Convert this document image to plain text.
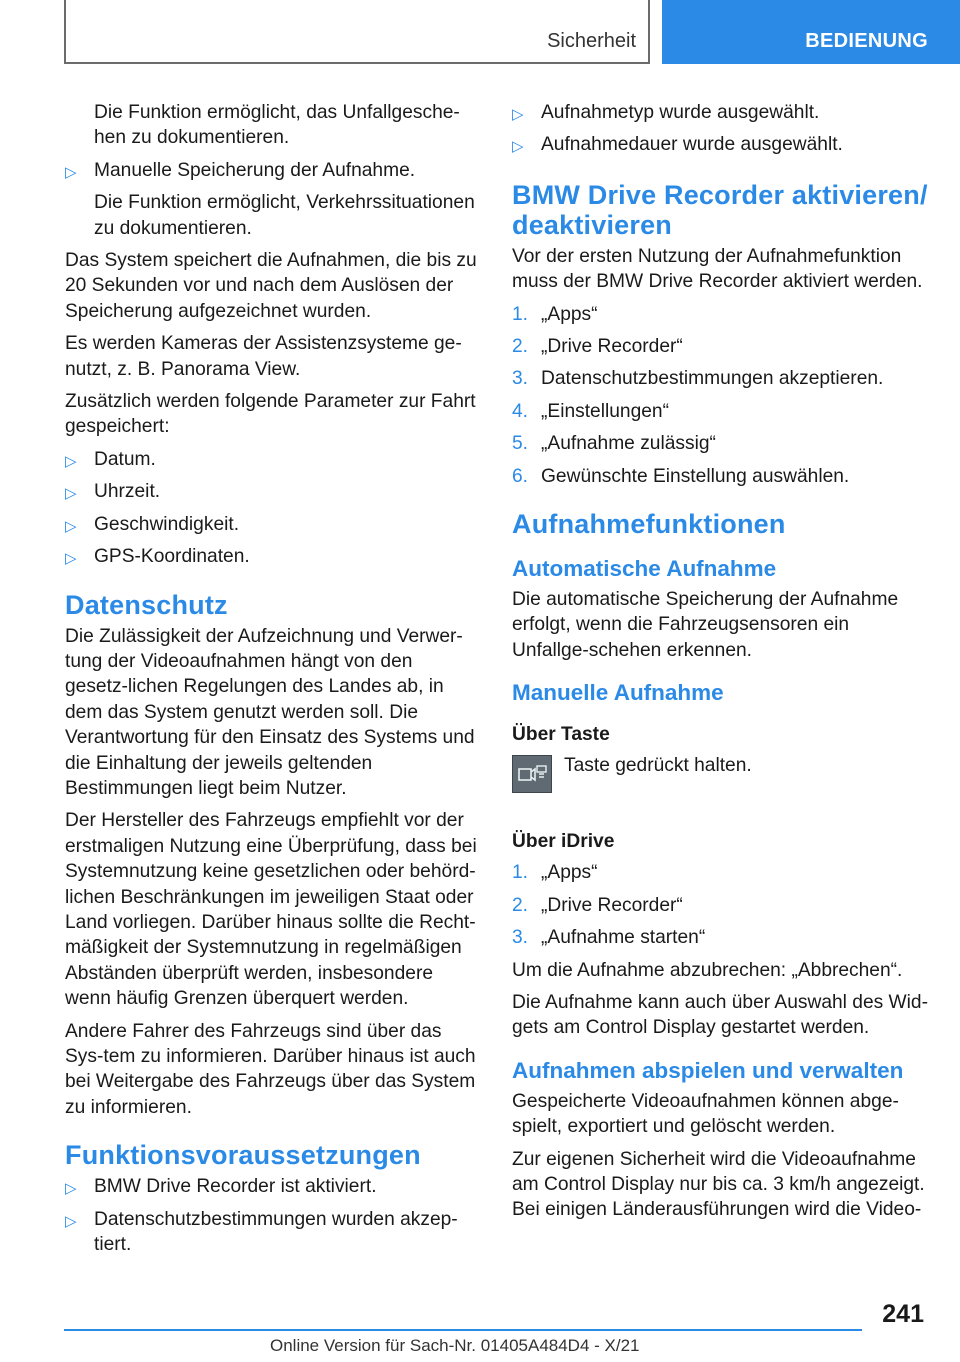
Sicherheit	BEDIENUNG

Die Funktion ermöglicht, das Unfallgesche-hen zu dokumentieren.

▷ Manuelle Speicherung der Aufnahme.

Die Funktion ermöglicht, Verkehrssituationen zu dokumentieren.

Das System speichert die Aufnahmen, die bis zu 20 Sekunden vor und nach dem Auslösen der Speicherung aufgezeichnet wurden.

Es werden Kameras der Assistenzsysteme ge-nutzt, z. B. Panorama View.

Zusätzlich werden folgende Parameter zur Fahrt gespeichert:

▷ Datum.
▷ Uhrzeit.
▷ Geschwindigkeit.
▷ GPS-Koordinaten.
Datenschutz

Die Zulässigkeit der Aufzeichnung und Verwer-tung der Videoaufnahmen hängt von den gesetz-lichen Regelungen des Landes ab, in dem das System genutzt werden soll. Die Verantwortung für den Einsatz des Systems und die Einhaltung der jeweils geltenden Bestimmungen liegt beim Nutzer.

Der Hersteller des Fahrzeugs empfiehlt vor der erstmaligen Nutzung eine Überprüfung, dass bei Systemnutzung keine gesetzlichen oder behörd-lichen Beschränkungen im jeweiligen Staat oder Land vorliegen. Darüber hinaus sollte die Recht-mäßigkeit der Systemnutzung in regelmäßigen Abständen überprüft werden, insbesondere wenn häufig Grenzen überquert werden.

Andere Fahrer des Fahrzeugs sind über das Sys-tem zu informieren. Darüber hinaus ist auch bei Weitergabe des Fahrzeugs über das System zu informieren.

Funktionsvoraussetzungen
▷ BMW Drive Recorder ist aktiviert.
▷ Datenschutzbestimmungen wurden akzep-tiert.
▷ Aufnahmetyp wurde ausgewählt.
▷ Aufnahmedauer wurde ausgewählt.
BMW Drive Recorder aktivieren/ deaktivieren

Vor der ersten Nutzung der Aufnahmefunktion muss der BMW Drive Recorder aktiviert werden.

1. „Apps“
2. „Drive Recorder“
3. Datenschutzbestimmungen akzeptieren.
4. „Einstellungen“
5. „Aufnahme zulässig“
6. Gewünschte Einstellung auswählen.
Aufnahmefunktionen
Automatische Aufnahme

Die automatische Speicherung der Aufnahme erfolgt, wenn die Fahrzeugsensoren ein Unfallge-schehen erkennen.

Manuelle Aufnahme
Über Taste
Taste gedrückt halten.
Über iDrive
1. „Apps“
2. „Drive Recorder“
3. „Aufnahme starten“

Um die Aufnahme abzubrechen: „Abbrechen“.

Die Aufnahme kann auch über Auswahl des Wid-gets am Control Display gestartet werden.

Aufnahmen abspielen und verwalten

Gespeicherte Videoaufnahmen können abge-spielt, exportiert und gelöscht werden.

Zur eigenen Sicherheit wird die Videoaufnahme am Control Display nur bis ca. 3 km/h angezeigt. Bei einigen Länderausführungen wird die Video-

241
Online Version für Sach-Nr. 01405A484D4 - X/21
